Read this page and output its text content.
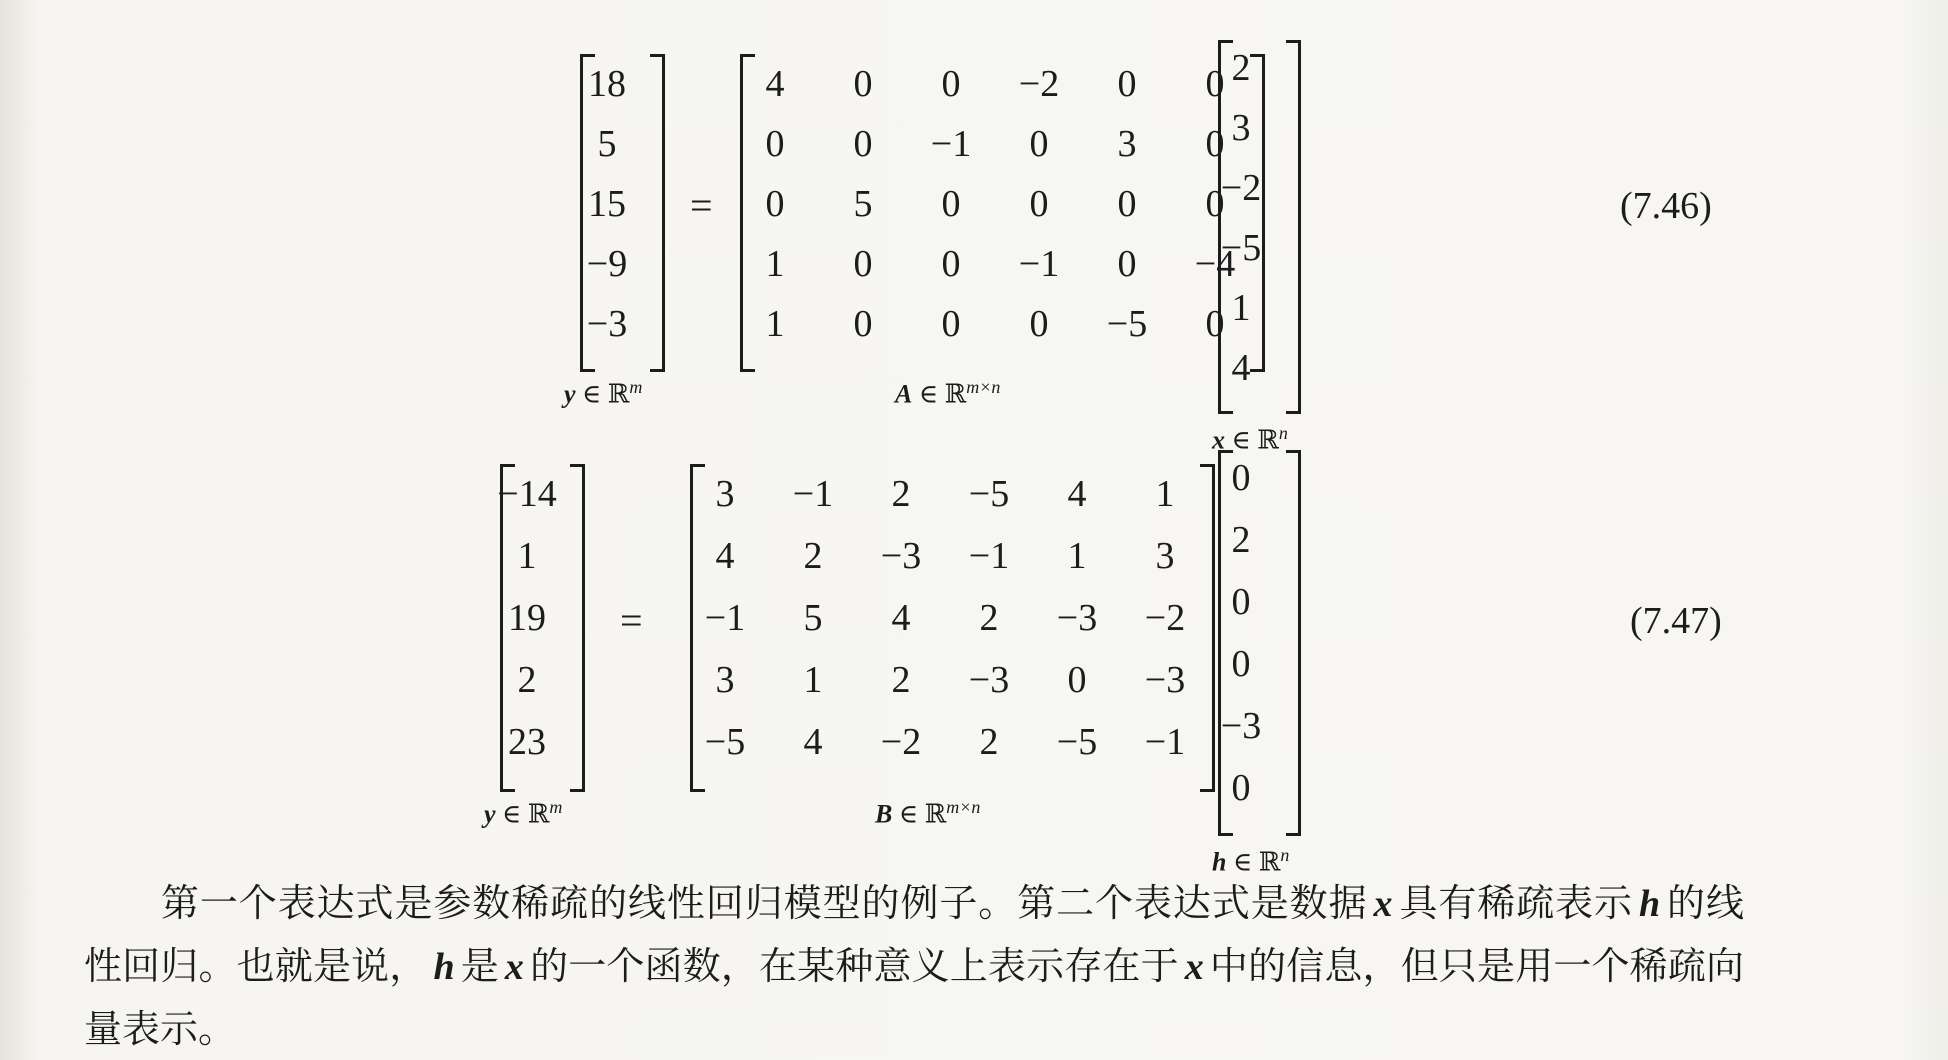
18
5
15
−9
−3
y ∈ ℝ$^m$
=
4	0	0	−2	0	0
0	0	−1	0	3	0
0	5	0	0	0	0
1	0	0	−1	0	−4
1	0	0	0	−5	0
A ∈ ℝ$^{m\times n}$
2
3
−2
−5
1
4
x ∈ ℝ$^n$
(7.46)
−14
1
19
2
23
y ∈ ℝ$^m$
=
3	−1	2	−5	4	1
4	2	−3	−1	1	3
−1	5	4	2	−3	−2
3	1	2	−3	0	−3
−5	4	−2	2	−5	−1
B ∈ ℝ$^{m\times n}$
0
2
0
0
−3
0
h ∈ ℝ$^n$
(7.47)
第一个表达式是参数稀疏的线性回归模型的例子。第二个表达式是数据 x 具有稀疏表示 h 的线性回归。也就是说， h 是 x 的一个函数，在某种意义上表示存在于 x 中的信息，但只是用一个稀疏向量表示。
